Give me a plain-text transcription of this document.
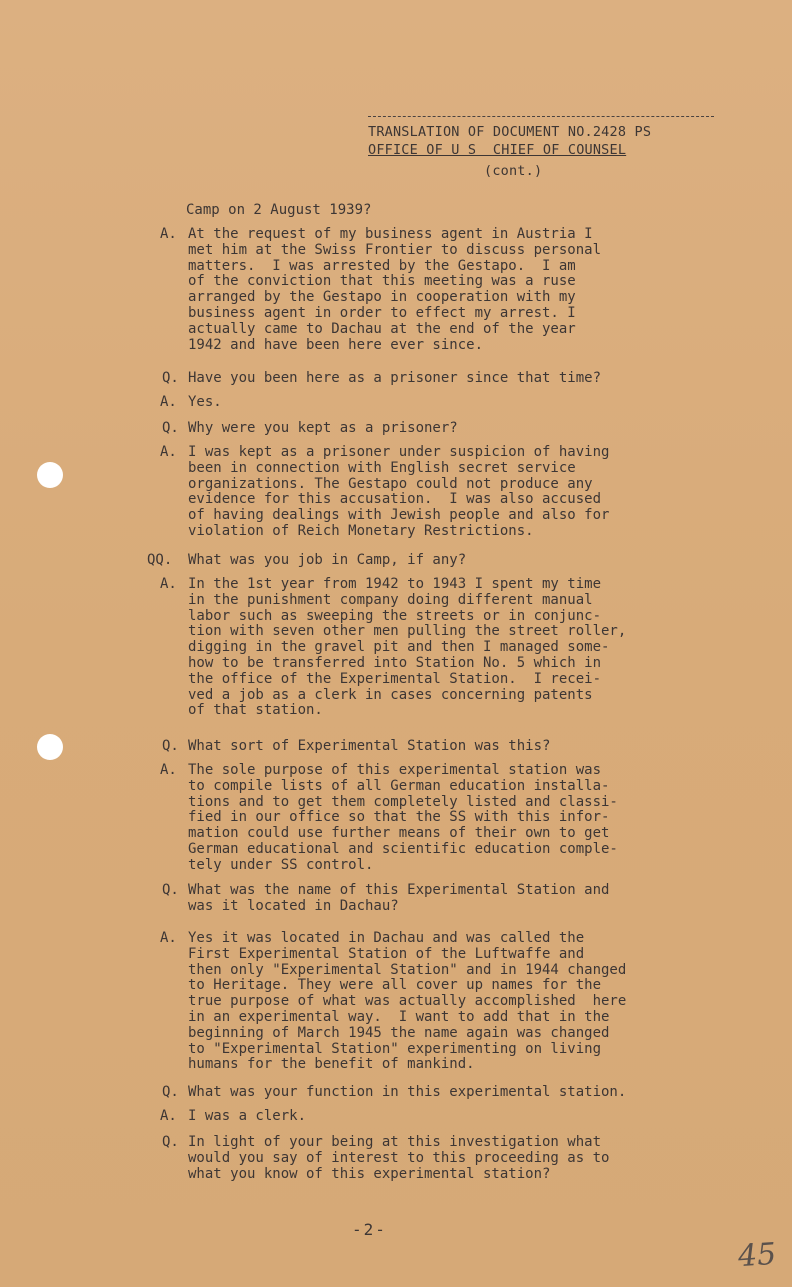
TRANSLATION OF DOCUMENT NO.2428 PS
OFFICE OF U S  CHIEF OF COUNSEL
(cont.)
Camp on 2 August 1939?
A. At the request of my business agent in Austria I
met him at the Swiss Frontier to discuss personal
matters.  I was arrested by the Gestapo.  I am
of the conviction that this meeting was a ruse
arranged by the Gestapo in cooperation with my
business agent in order to effect my arrest. I
actually came to Dachau at the end of the year
1942 and have been here ever since.
Q. Have you been here as a prisoner since that time?
A. Yes.
Q. Why were you kept as a prisoner?
A. I was kept as a prisoner under suspicion of having
been in connection with English secret service
organizations. The Gestapo could not produce any
evidence for this accusation.  I was also accused
of having dealings with Jewish people and also for
violation of Reich Monetary Restrictions.
QQ. What was you job in Camp, if any?
A. In the 1st year from 1942 to 1943 I spent my time
in the punishment company doing different manual
labor such as sweeping the streets or in conjunc-
tion with seven other men pulling the street roller,
digging in the gravel pit and then I managed some-
how to be transferred into Station No. 5 which in
the office of the Experimental Station.  I recei-
ved a job as a clerk in cases concerning patents
of that station.
Q. What sort of Experimental Station was this?
A. The sole purpose of this experimental station was
to compile lists of all German education installa-
tions and to get them completely listed and classi-
fied in our office so that the SS with this infor-
mation could use further means of their own to get
German educational and scientific education comple-
tely under SS control.
Q. What was the name of this Experimental Station and
was it located in Dachau?
A. Yes it was located in Dachau and was called the
First Experimental Station of the Luftwaffe and
then only "Experimental Station" and in 1944 changed
to Heritage. They were all cover up names for the
true purpose of what was actually accomplished  here
in an experimental way.  I want to add that in the
beginning of March 1945 the name again was changed
to "Experimental Station" experimenting on living
humans for the benefit of mankind.
Q. What was your function in this experimental station.
A. I was a clerk.
Q. In light of your being at this investigation what
would you say of interest to this proceeding as to
what you know of this experimental station?
-2-
45
